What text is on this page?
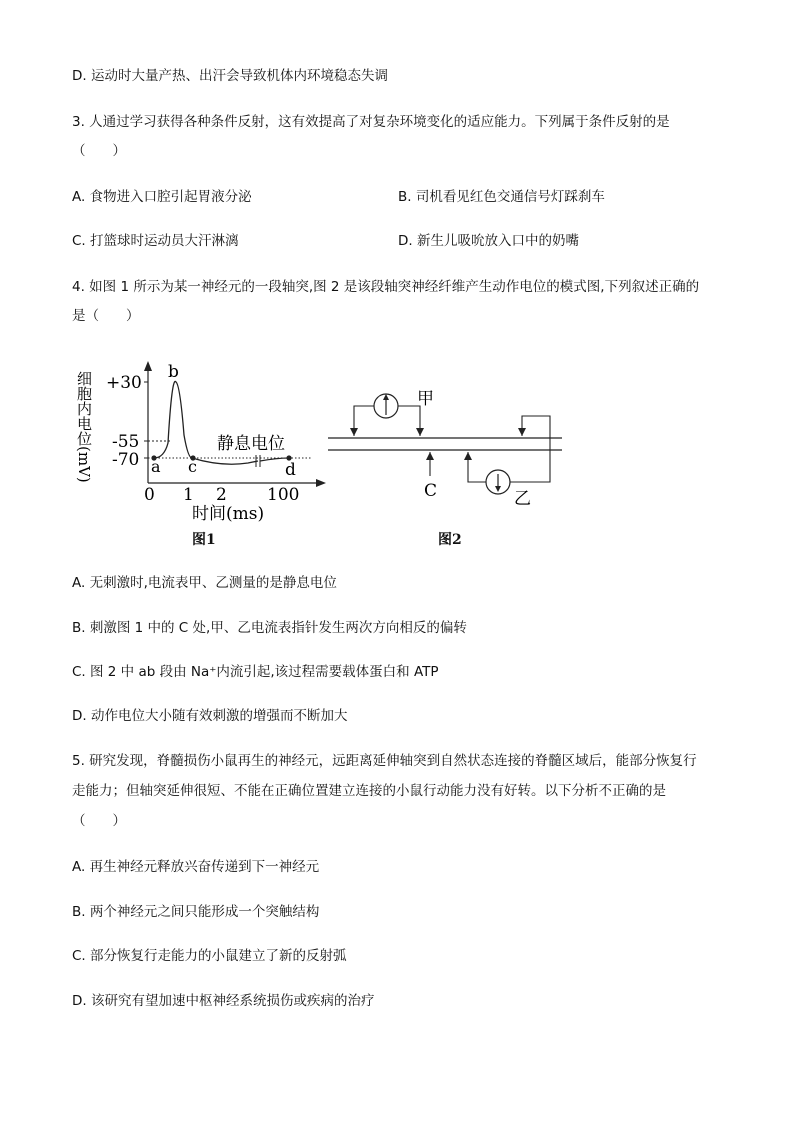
D. 运动时大量产热、出汗会导致机体内环境稳态失调
3. 人通过学习获得各种条件反射，这有效提高了对复杂环境变化的适应能力。下列属于条件反射的是
（　　）
A. 食物进入口腔引起胃液分泌	B. 司机看见红色交通信号灯踩刹车
C. 打篮球时运动员大汗淋漓	D. 新生儿吸吮放入口中的奶嘴
4. 如图 1 所示为某一神经元的一段轴突,图 2 是该段轴突神经纤维产生动作电位的模式图,下列叙述正确的
是（　　）
细胞内电位(mV) +30
-55
-70 a
b
c	d
静息电位
0 1 2 100
时间(ms)
图1
甲
乙
C
图2
A. 无刺激时,电流表甲、乙测量的是静息电位
B. 刺激图 1 中的 C 处,甲、乙电流表指针发生两次方向相反的偏转
C. 图 2 中 ab 段由 Na⁺内流引起,该过程需要载体蛋白和 ATP
D. 动作电位大小随有效刺激的增强而不断加大
5. 研究发现，脊髓损伤小鼠再生的神经元，远距离延伸轴突到自然状态连接的脊髓区域后，能部分恢复行
走能力；但轴突延伸很短、不能在正确位置建立连接的小鼠行动能力没有好转。以下分析不正确的是
（　　）
A. 再生神经元释放兴奋传递到下一神经元
B. 两个神经元之间只能形成一个突触结构
C. 部分恢复行走能力的小鼠建立了新的反射弧
D. 该研究有望加速中枢神经系统损伤或疾病的治疗
